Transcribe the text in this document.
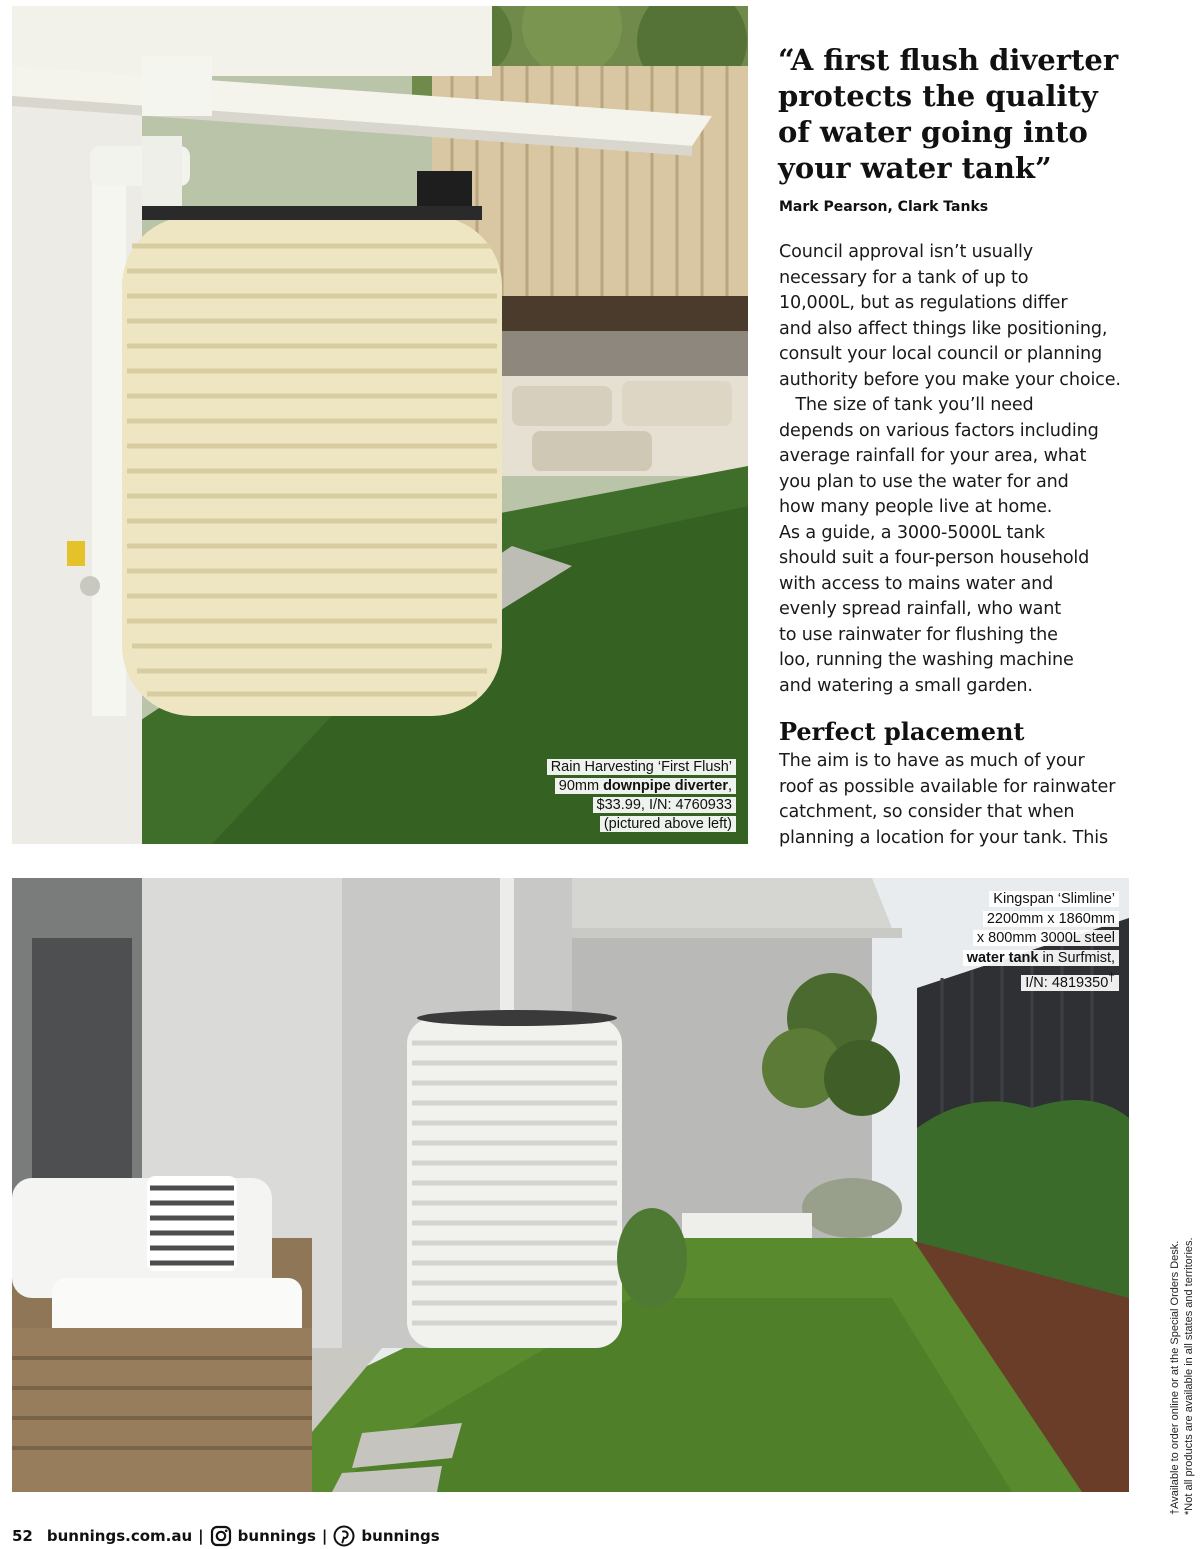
Rain Harvesting ‘First Flush’
90mm downpipe diverter,
$33.99, I/N: 4760933
(pictured above left)
“A first flush diverter
protects the quality
of water going into
your water tank”
Mark Pearson, Clark Tanks
Council approval isn’t usually
necessary for a tank of up to
10,000L, but as regulations differ
and also affect things like positioning,
consult your local council or planning
authority before you make your choice.
The size of tank you’ll need
depends on various factors including
average rainfall for your area, what
you plan to use the water for and
how many people live at home.
As a guide, a 3000-5000L tank
should suit a four-person household
with access to mains water and
evenly spread rainfall, who want
to use rainwater for flushing the
loo, running the washing machine
and watering a small garden.
Perfect placement
The aim is to have as much of your
roof as possible available for rainwater
catchment, so consider that when
planning a location for your tank. This
Kingspan ‘Slimline’
2200mm x 1860mm
x 800mm 3000L steel
water tank in Surfmist,
I/N: 4819350†
†Available to order online or at the Special Orders Desk. *Not all products are available in all states and territories.
52 bunnings.com.au | bunnings | bunnings
